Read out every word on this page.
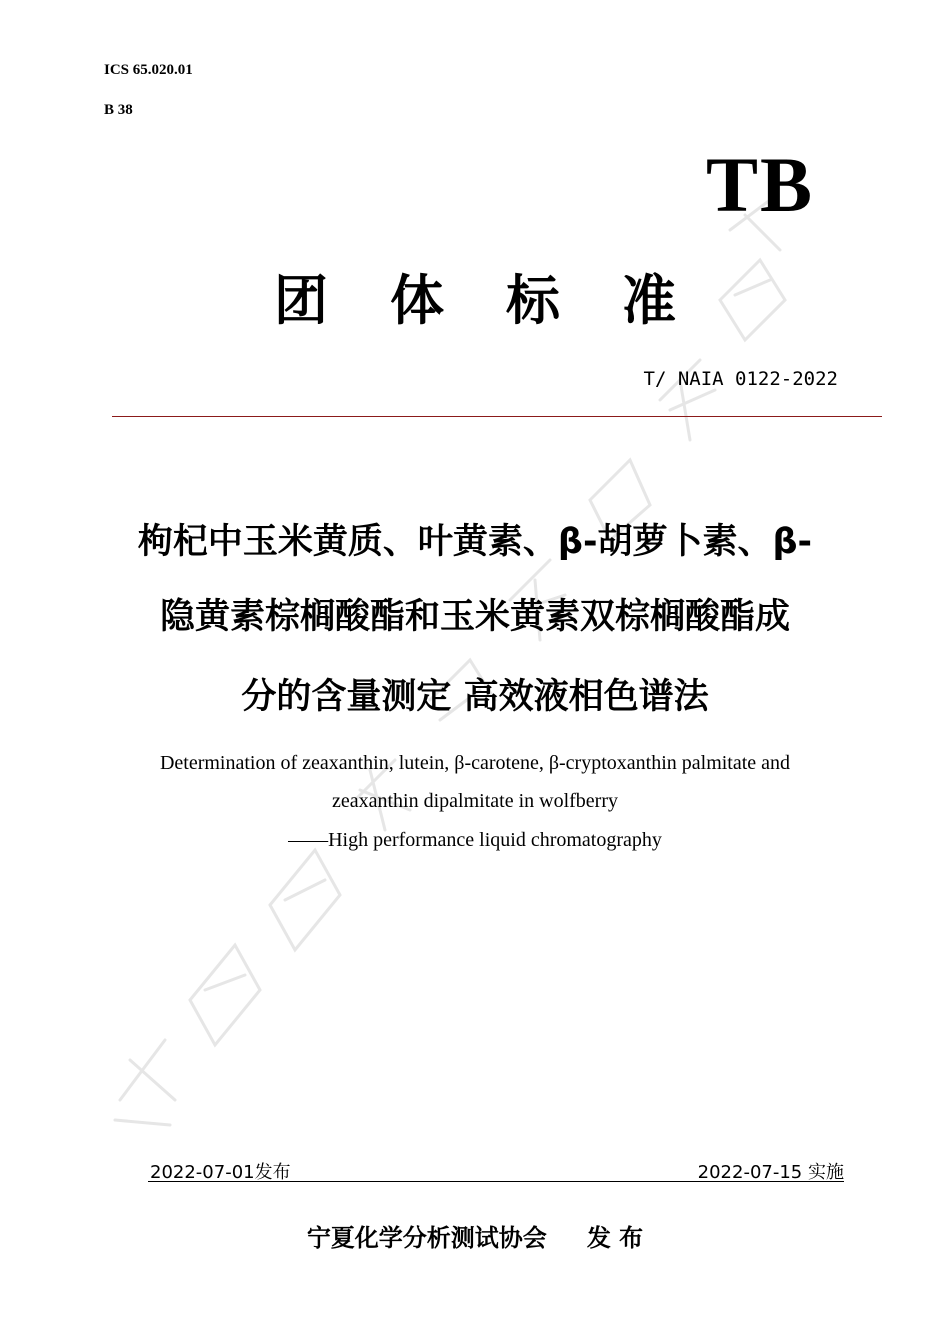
ICS 65.020.01
B 38
TB
团体标准
T/ NAIA 0122-2022
枸杞中玉米黄质、叶黄素、β-胡萝卜素、β-
隐黄素棕榈酸酯和玉米黄素双棕榈酸酯成
分的含量测定 高效液相色谱法
Determination of zeaxanthin, lutein, β-carotene, β-cryptoxanthin palmitate and
zeaxanthin dipalmitate in wolfberry
——High performance liquid chromatography
2022-07-01发布	2022-07-15 实施
宁夏化学分析测试协会 发 布
